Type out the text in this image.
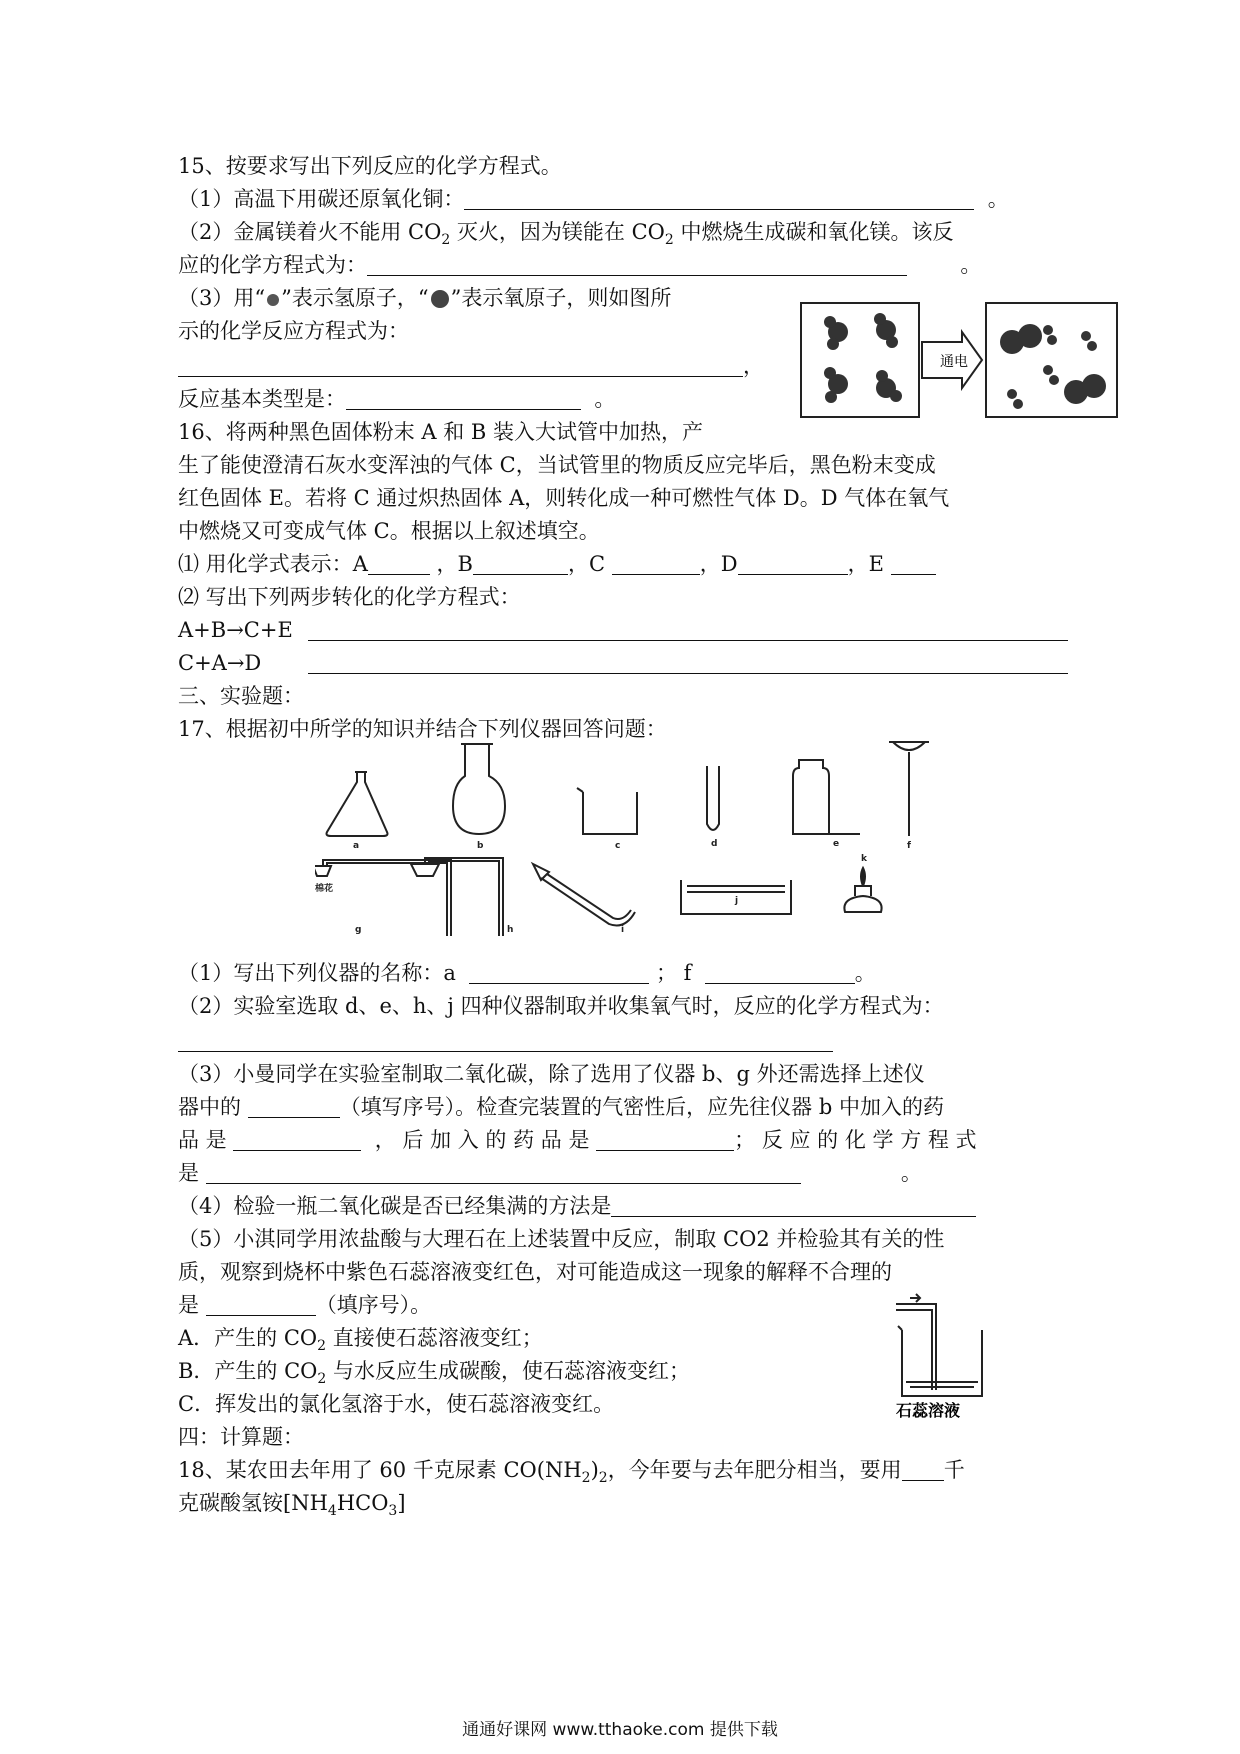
15、按要求写出下列反应的化学方程式。
（1）高温下用碳还原氧化铜：	。
（2）金属镁着火不能用 $CO_2$ 灭火，因为镁能在 $CO_2$ 中燃烧生成碳和氧化镁。该反
应的化学方程式为：	。
（3）用“ ”表示氢原子，“ ”表示氧原子，则如图所
示的化学反应方程式为：
，
反应基本类型是：	。
通电
16、将两种黑色固体粉末 A 和 B 装入大试管中加热，产
生了能使澄清石灰水变浑浊的气体 C，当试管里的物质反应完毕后，黑色粉末变成
红色固体 E。若将 C 通过炽热固体 A，则转化成一种可燃性气体 D。D 气体在氧气
中燃烧又可变成气体 C。根据以上叙述填空。
⑴ 用化学式表示：A	，B	，C	，D	，E
⑵ 写出下列两步转化的化学方程式：
A+B→C+E
C+A→D
三、实验题：
17、根据初中所学的知识并结合下列仪器回答问题：
a	b	c	d	e	f
g
棉花
h	i
j
k
（1）写出下列仪器的名称：a	； f	。
（2）实验室选取 d、e、h、j 四种仪器制取并收集氧气时，反应的化学方程式为：
（3）小曼同学在实验室制取二氧化碳，除了选用了仪器 b、g 外还需选择上述仪
器中的	（填写序号）。检查完装置的气密性后，应先往仪器 b 中加入的药
品 是	， 后 加 入 的 药 品 是	； 反 应 的 化 学 方 程 式
是	。
（4）检验一瓶二氧化碳是否已经集满的方法是
（5）小淇同学用浓盐酸与大理石在上述装置中反应，制取 CO2 并检验其有关的性
质，观察到烧杯中紫色石蕊溶液变红色，对可能造成这一现象的解释不合理的
是	（填序号）。
A．产生的 $CO_2$ 直接使石蕊溶液变红；
B．产生的 $CO_2$ 与水反应生成碳酸，使石蕊溶液变红；
C．挥发出的氯化氢溶于水，使石蕊溶液变红。	石蕊溶液
四：计算题：
18、某农田去年用了 60 千克尿素 $CO(NH_2)_2$，今年要与去年肥分相当，要用 千
克碳酸氢铵$[NH_4HCO_3]$
通通好课网 www.tthaoke.com 提供下载
